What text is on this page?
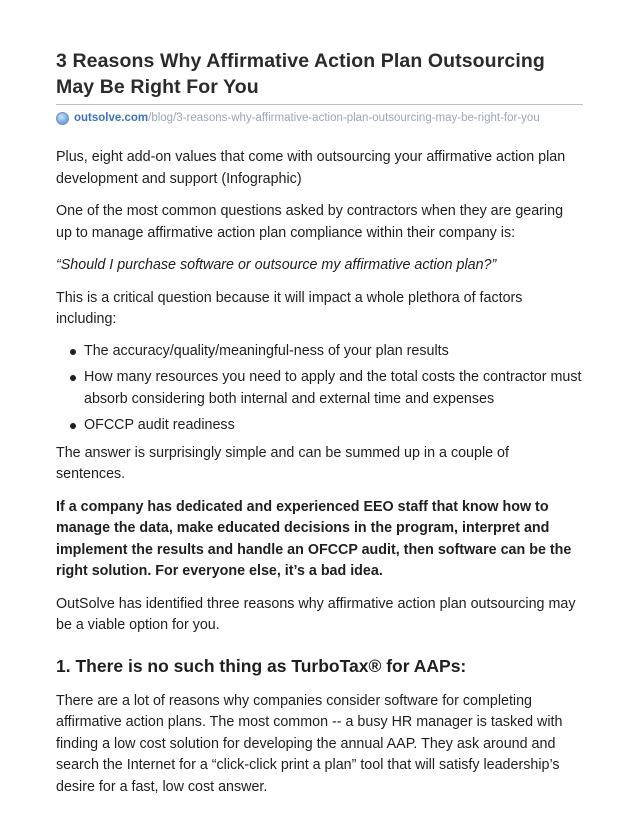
3 Reasons Why Affirmative Action Plan Outsourcing May Be Right For You
outsolve.com /blog/3-reasons-why-affirmative-action-plan-outsourcing-may-be-right-for-you

Plus, eight add-on values that come with outsourcing your affirmative action plan development and support (Infographic)

One of the most common questions asked by contractors when they are gearing up to manage affirmative action plan compliance within their company is:

“Should I purchase software or outsource my affirmative action plan?”

This is a critical question because it will impact a whole plethora of factors including:

The accuracy/quality/meaningful-ness of your plan results
How many resources you need to apply and the total costs the contractor must absorb considering both internal and external time and expenses
OFCCP audit readiness

The answer is surprisingly simple and can be summed up in a couple of sentences.

If a company has dedicated and experienced EEO staff that know how to manage the data, make educated decisions in the program, interpret and implement the results and handle an OFCCP audit, then software can be the right solution. For everyone else, it’s a bad idea.

OutSolve has identified three reasons why affirmative action plan outsourcing may be a viable option for you.

1. There is no such thing as TurboTax® for AAPs:

There are a lot of reasons why companies consider software for completing affirmative action plans. The most common -- a busy HR manager is tasked with finding a low cost solution for developing the annual AAP. They ask around and search the Internet for a “click-click print a plan” tool that will satisfy leadership’s desire for a fast, low cost answer.
